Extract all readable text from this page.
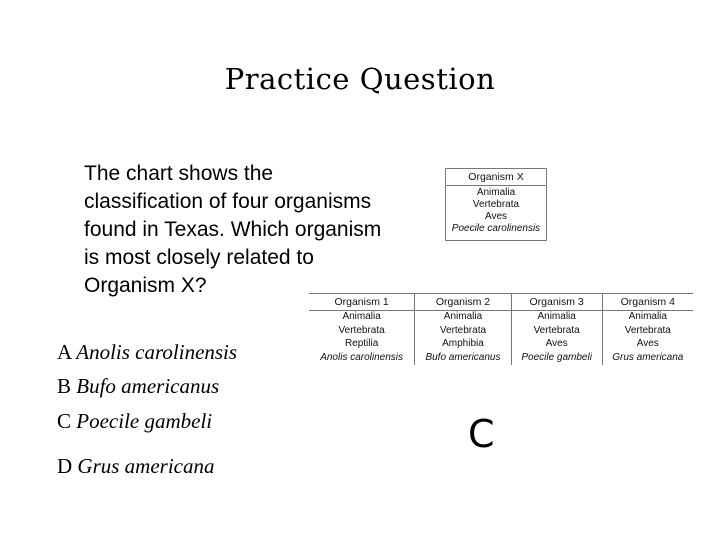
Practice Question
The chart shows the classification of four organisms found in Texas. Which organism is most closely related to Organism X?
A Anolis carolinensis
B Bufo americanus
C Poecile gambeli
D Grus americana
Organism X
Animalia
Vertebrata
Aves
Poecile carolinensis
Organism 1	Organism 2	Organism 3	Organism 4
Animalia	Animalia	Animalia	Animalia
Vertebrata	Vertebrata	Vertebrata	Vertebrata
Reptilia	Amphibia	Aves	Aves
Anolis carolinensis	Bufo americanus	Poecile gambeli	Grus americana
C
